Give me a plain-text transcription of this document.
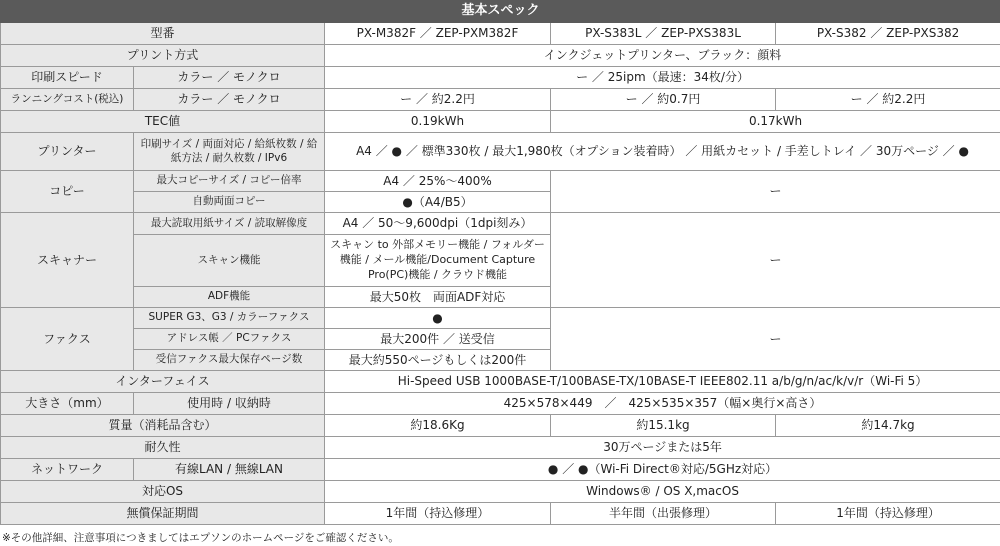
基本スペック				
型番		PX-M382F ／ ZEP-PXM382F	PX-S383L ／ ZEP-PXS383L	PX-S382 ／ ZEP-PXS382
プリント方式		インクジェットプリンター、ブラック：顔料		
印刷スピード	カラー ／ モノクロ	ー ／ 25ipm（最速：34枚/分）		
ランニングコスト(税込)	カラー ／ モノクロ	ー ／ 約2.2円	ー ／ 約0.7円	ー ／ 約2.2円
TEC値		0.19kWh	0.17kWh	
プリンター	印刷サイズ / 両面対応 / 給紙枚数 / 給紙方法 / 耐久枚数 / IPv6	A4 ／ ● ／ 標準330枚 / 最大1,980枚（オプション装着時） ／ 用紙カセット / 手差しトレイ ／ 30万ページ ／ ●		
コピー	最大コピーサイズ / コピー倍率	A4 ／ 25%〜400%	ー	
	自動両面コピー	●（A4/B5）		
スキャナー	最大読取用紙サイズ / 読取解像度	A4 ／ 50〜9,600dpi（1dpi刻み）	ー	
	スキャン機能	スキャン to 外部メモリー機能 / フォルダー機能 / メール機能/Document Capture Pro(PC)機能 / クラウド機能		
	ADF機能	最大50枚　両面ADF対応		
ファクス	SUPER G3、G3 / カラーファクス	●	ー	
	アドレス帳 ／ PCファクス	最大200件 ／ 送受信		
	受信ファクス最大保存ページ数	最大約550ページもしくは200件		
インターフェイス		Hi-Speed USB 1000BASE-T/100BASE-TX/10BASE-T IEEE802.11 a/b/g/n/ac/k/v/r（Wi-Fi 5）		
大きさ（mm）	使用時 / 収納時	425×578×449　／　425×535×357（幅×奥行×高さ）		
質量（消耗品含む）		約18.6Kg	約15.1kg	約14.7kg
耐久性		30万ページまたは5年		
ネットワーク	有線LAN / 無線LAN	● ／ ●（Wi-Fi Direct®対応/5GHz対応）		
対応OS		Windows® / OS X,macOS		
無償保証期間		1年間（持込修理）	半年間（出張修理）	1年間（持込修理）
※その他詳細、注意事項につきましてはエプソンのホームページをご確認ください。
